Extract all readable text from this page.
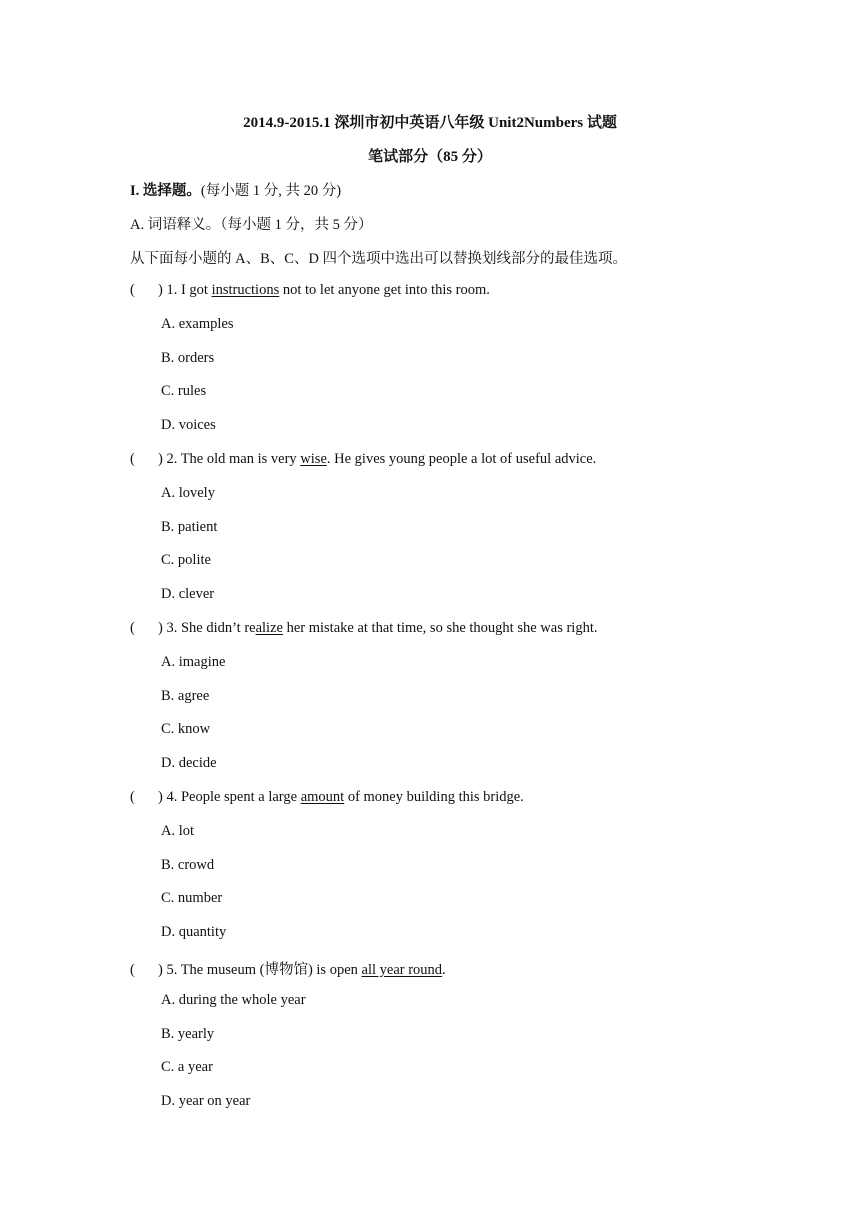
2014.9-2015.1 深圳市初中英语八年级 Unit2Numbers 试题
笔试部分（85 分）
I. 选择题。(每小题 1 分, 共 20 分)
A. 词语释义。（每小题 1 分，共 5 分）
从下面每小题的 A、B、C、D 四个选项中选出可以替换划线部分的最佳选项。
( ) 1. I got instructions not to let anyone get into this room.
A. examples
B. orders
C. rules
D. voices
( ) 2. The old man is very wise. He gives young people a lot of useful advice.
A. lovely
B. patient
C. polite
D. clever
( ) 3. She didn’t realize her mistake at that time, so she thought she was right.
A. imagine
B. agree
C. know
D. decide
( ) 4. People spent a large amount of money building this bridge.
A. lot
B. crowd
C. number
D. quantity
( ) 5. The museum (博物馆) is open all year round.
A. during the whole year
B. yearly
C. a year
D. year on year
